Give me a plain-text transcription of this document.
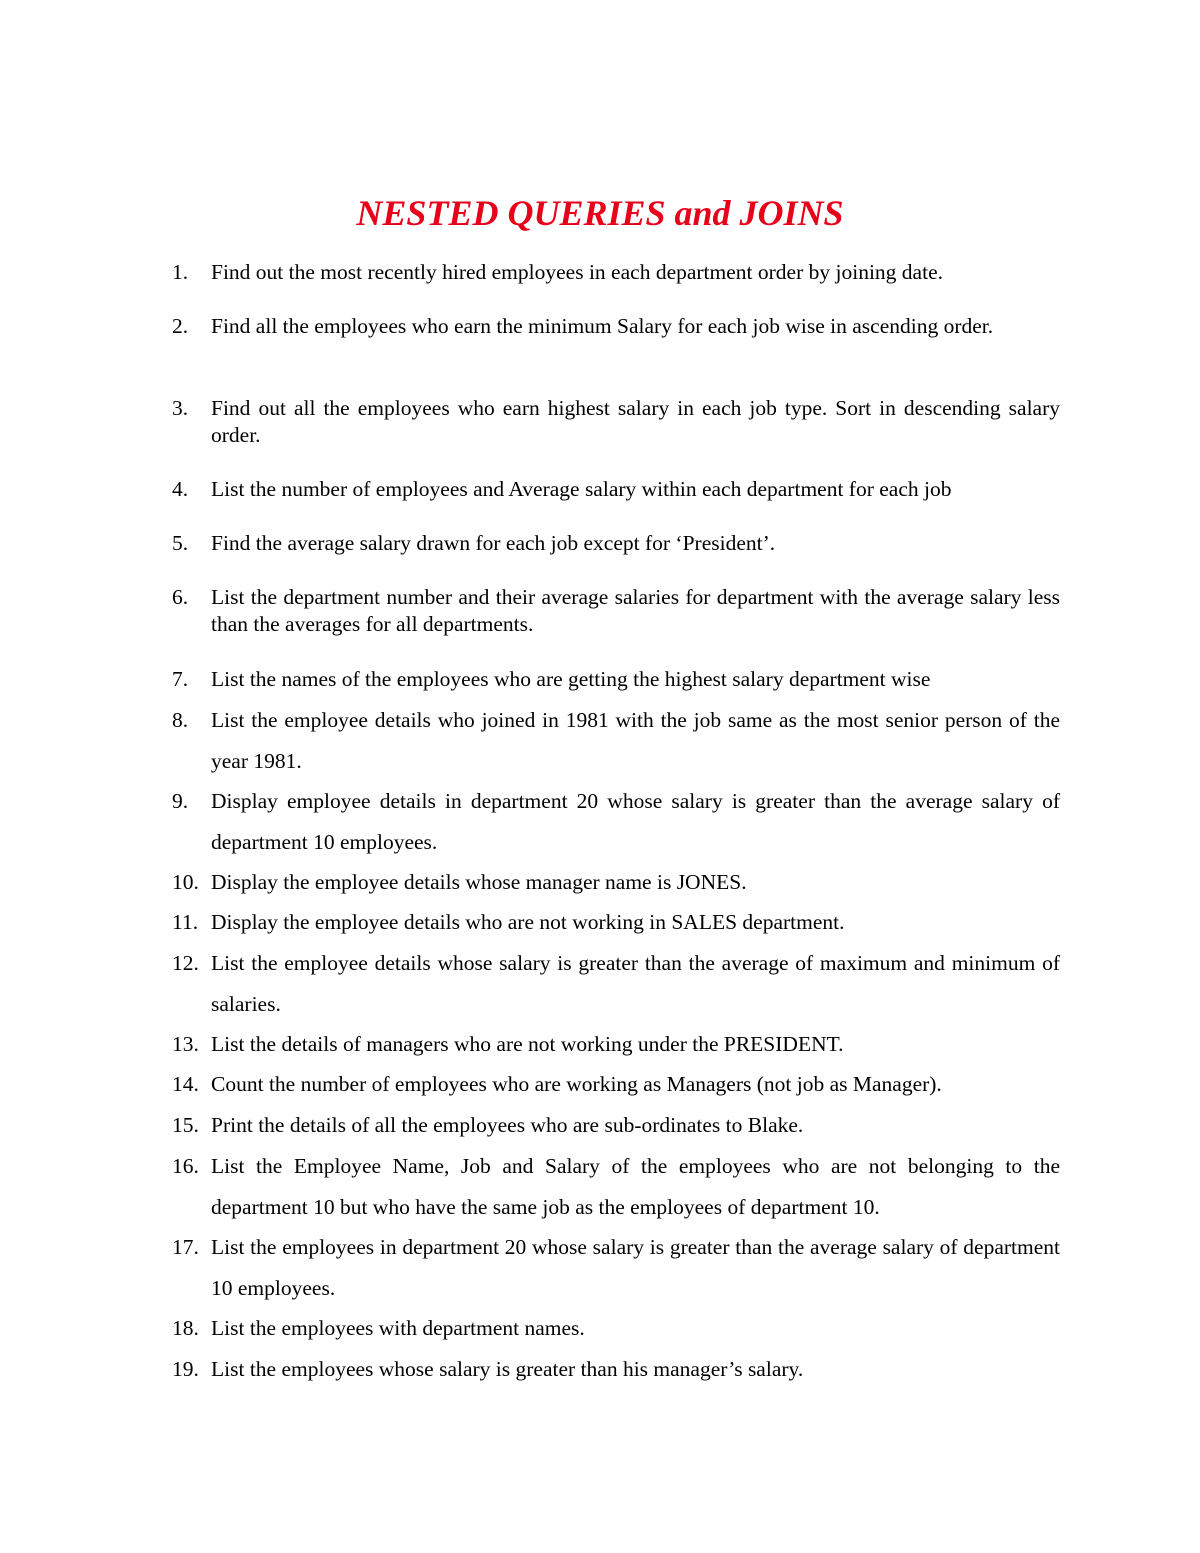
NESTED QUERIES and JOINS
1.	Find out the most recently hired employees in each department order by joining date.
2.	Find all the employees who earn the minimum Salary for each job wise in ascending order.
3.	Find out all the employees who earn highest salary in each job type. Sort in descending salary order.
4.	List the number of employees and Average salary within each department for each job
5.	Find the average salary drawn for each job except for ‘President’.
6.	List the department number and their average salaries for department with the average salary less than the averages for all departments.
7.	List the names of the employees who are getting the highest salary department wise
8.	List the employee details who joined in 1981 with the job same as the most senior person of the year 1981.
9.	Display employee details in department 20 whose salary is greater than the average salary of department 10 employees.
10. Display the employee details whose manager name is JONES.
11. Display the employee details who are not working in SALES department.
12. List the employee details whose salary is greater than the average of maximum and minimum of salaries.
13. List the details of managers who are not working under the PRESIDENT.
14. Count the number of employees who are working as Managers (not job as Manager).
15. Print the details of all the employees who are sub-ordinates to Blake.
16. List the Employee Name, Job and Salary of the employees who are not belonging to the department 10 but who have the same job as the employees of department 10.
17. List the employees in department 20 whose salary is greater than the average salary of department 10 employees.
18. List the employees with department names.
19. List the employees whose salary is greater than his manager’s salary.
